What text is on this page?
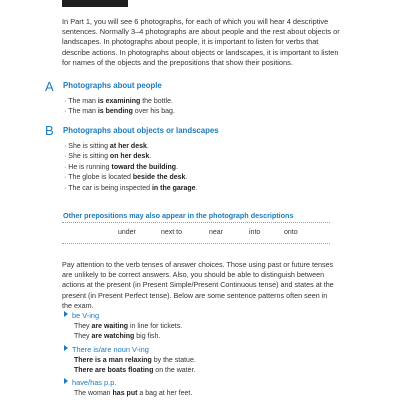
In Part 1, you will see 6 photographs, for each of which you will hear 4 descriptive sentences. Normally 3–4 photographs are about people and the rest about objects or landscapes. In photographs about people, it is important to listen for verbs that describe actions. In photographs about objects or landscapes, it is important to listen for names of the objects and the prepositions that show their positions.

A Photographs about people
· The man is examining the bottle.
· The man is bending over his bag.
B Photographs about objects or landscapes
· She is sitting at her desk.
· She is sitting on her desk.
· He is running toward the building.
· The globe is located beside the desk.
· The car is being inspected in the garage.
Other prepositions may also appear in the photograph descriptions
under	next to	near	into	onto

Pay attention to the verb tenses of answer choices. Those using past or future tenses are unlikely to be correct answers. Also, you should be able to distinguish between actions at the present (in Present Simple/Present Continuous tense) and states at the present (in Present Perfect tense). Below are some sentence patterns often seen in the exam.

be V-ing
They are waiting in line for tickets.
They are watching big fish.
There is/are noun V-ing
There is a man relaxing by the statue.
There are boats floating on the water.
have/has p.p.
The woman has put a bag at her feet.
